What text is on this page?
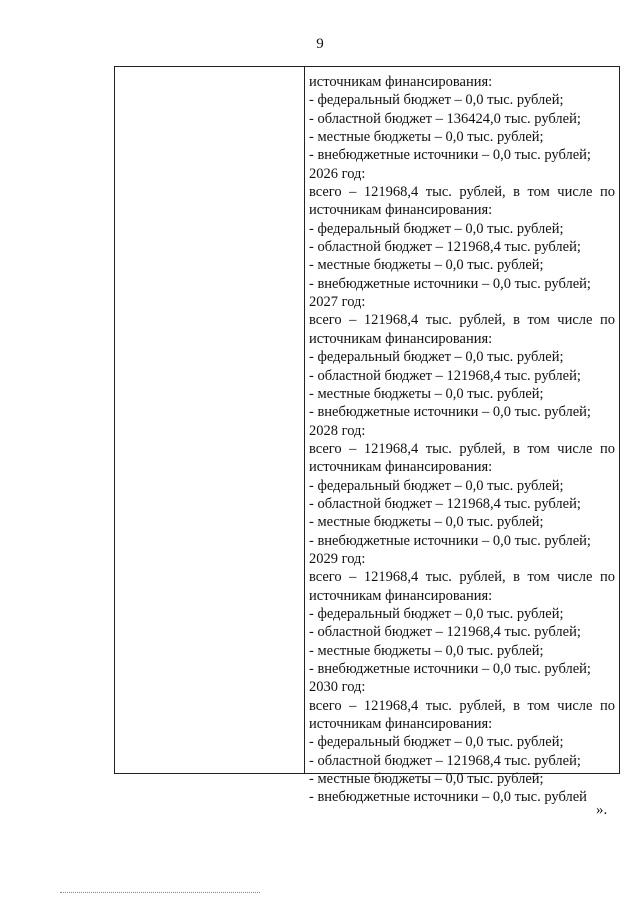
9
источникам финансирования:
- федеральный бюджет – 0,0 тыс. рублей;
- областной бюджет – 136424,0 тыс. рублей;
- местные бюджеты – 0,0 тыс. рублей;
- внебюджетные источники – 0,0 тыс. рублей;
2026 год:
всего – 121968,4 тыс. рублей, в том числе по
источникам финансирования:
- федеральный бюджет – 0,0 тыс. рублей;
- областной бюджет – 121968,4 тыс. рублей;
- местные бюджеты – 0,0 тыс. рублей;
- внебюджетные источники – 0,0 тыс. рублей;
2027 год:
всего – 121968,4 тыс. рублей, в том числе по
источникам финансирования:
- федеральный бюджет – 0,0 тыс. рублей;
- областной бюджет – 121968,4 тыс. рублей;
- местные бюджеты – 0,0 тыс. рублей;
- внебюджетные источники – 0,0 тыс. рублей;
2028 год:
всего – 121968,4 тыс. рублей, в том числе по
источникам финансирования:
- федеральный бюджет – 0,0 тыс. рублей;
- областной бюджет – 121968,4 тыс. рублей;
- местные бюджеты – 0,0 тыс. рублей;
- внебюджетные источники – 0,0 тыс. рублей;
2029 год:
всего – 121968,4 тыс. рублей, в том числе по
источникам финансирования:
- федеральный бюджет – 0,0 тыс. рублей;
- областной бюджет – 121968,4 тыс. рублей;
- местные бюджеты – 0,0 тыс. рублей;
- внебюджетные источники – 0,0 тыс. рублей;
2030 год:
всего – 121968,4 тыс. рублей, в том числе по
источникам финансирования:
- федеральный бюджет – 0,0 тыс. рублей;
- областной бюджет – 121968,4 тыс. рублей;
- местные бюджеты – 0,0 тыс. рублей;
- внебюджетные источники – 0,0 тыс. рублей
».
